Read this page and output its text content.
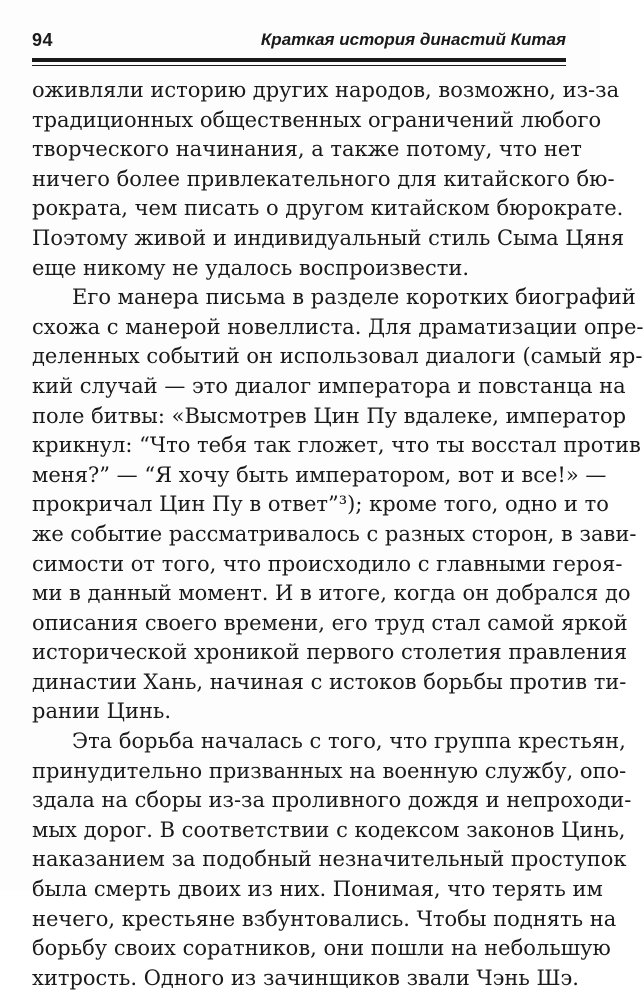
94	Краткая история династий Китая
оживляли историю других народов, возможно, из-за
традиционных общественных ограничений любого
творческого начинания, а также потому, что нет
ничего более привлекательного для китайского бю-
рократа, чем писать о другом китайском бюрократе.
Поэтому живой и индивидуальный стиль Сыма Цяня
еще никому не удалось воспроизвести.
Его манера письма в разделе коротких биографий
схожа с манерой новеллиста. Для драматизации опре-
деленных событий он использовал диалоги (самый яр-
кий случай — это диалог императора и повстанца на
поле битвы: «Высмотрев Цин Пу вдалеке, император
крикнул: “Что тебя так гложет, что ты восстал против
меня?” — “Я хочу быть императором, вот и все!» —
прокричал Цин Пу в ответ”³); кроме того, одно и то
же событие рассматривалось с разных сторон, в зави-
симости от того, что происходило с главными героя-
ми в данный момент. И в итоге, когда он добрался до
описания своего времени, его труд стал самой яркой
исторической хроникой первого столетия правления
династии Хань, начиная с истоков борьбы против ти-
рании Цинь.
Эта борьба началась с того, что группа крестьян,
принудительно призванных на военную службу, опо-
здала на сборы из-за проливного дождя и непроходи-
мых дорог. В соответствии с кодексом законов Цинь,
наказанием за подобный незначительный проступок
была смерть двоих из них. Понимая, что терять им
нечего, крестьяне взбунтовались. Чтобы поднять на
борьбу своих соратников, они пошли на небольшую
хитрость. Одного из зачинщиков звали Чэнь Шэ.
